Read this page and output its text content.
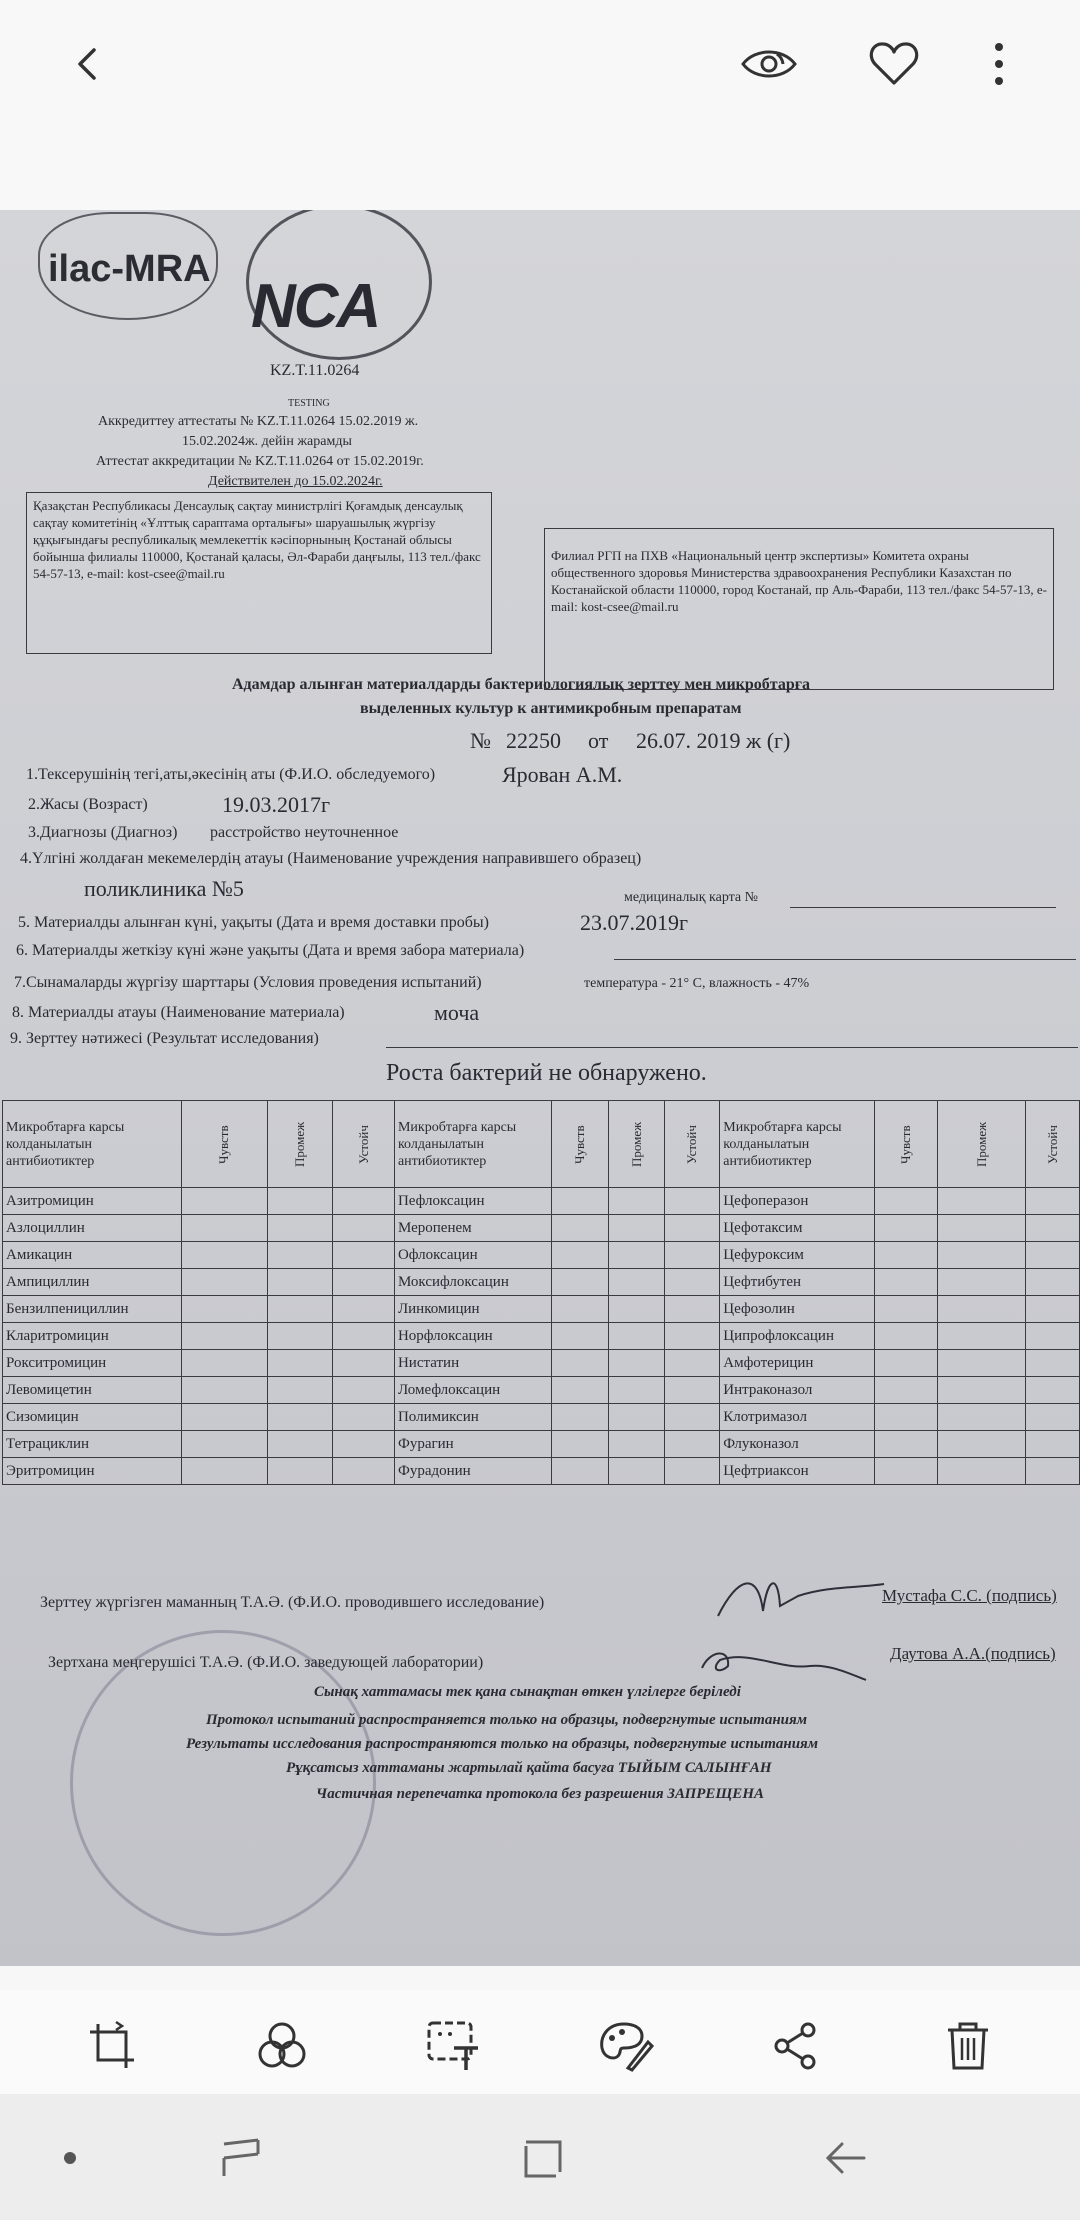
ilac-MRA
NCA
KZ.T.11.0264
TESTING
Аккредиттеу аттестаты № KZ.T.11.0264 15.02.2019 ж.
15.02.2024ж. дейін жарамды
Аттестат аккредитации № KZ.T.11.0264 от 15.02.2019г.
Действителен до 15.02.2024г.
Қазақстан Республикасы Денсаулық сақтау министрлігі Қоғамдық денсаулық сақтау комитетінің «Ұлттық сараптама орталығы» шаруашылық жүргізу құқығындағы республикалық мемлекеттік кәсіпорнының Қостанай облысы бойынша филиалы 110000, Қостанай қаласы, Әл-Фараби даңғылы, 113 тел./факс 54-57-13, e-mail: kost-csee@mail.ru
Филиал РГП на ПХВ «Национальный центр экспертизы» Комитета охраны общественного здоровья Министерства здравоохранения Республики Казахстан по Костанайской области 110000, город Костанай, пр Аль-Фараби, 113 тел./факс 54-57-13, e-mail: kost-csee@mail.ru
Адамдар алынған материалдарды бактериологиялық зерттеу мен микробтарға
выделенных культур к антимикробным препаратам
№ 22250 от 26.07. 2019 ж (г)
1.Тексерушінің тегі,аты,әкесінің аты (Ф.И.О. обследуемого)	Ярован А.М.
2.Жасы (Возраст)	19.03.2017г
3.Диагнозы (Диагноз) расстройство неуточненное
4.Үлгіні жолдаған мекемелердің атауы (Наименование учреждения направившего образец)
поликлиника №5	медициналық карта №
5. Материалды алынған күні, уақыты (Дата и время доставки пробы)	23.07.2019г
6. Материалды жеткізу күні және уақыты (Дата и время забора материала)
7.Сынамаларды жүргізу шарттары (Условия проведения испытаний)	температура - 21° С, влажность - 47%
8. Материалды атауы (Наименование материала)	моча
9. Зерттеу нәтижесі (Результат исследования)
Роста бактерий не обнаружено.
Микробтарға карсы колданылатын антибиотиктер	Чувств	Промеж	Устойч	Микробтарға карсы колданылатын антибиотиктер	Чувств	Промеж	Устойч	Микробтарға карсы колданылатын антибиотиктер	Чувств	Промеж	Устойч
Азитромицин				Пефлоксацин				Цефоперазон			
Азлоциллин				Меропенем				Цефотаксим			
Амикацин				Офлоксацин				Цефуроксим			
Ампициллин				Моксифлоксацин				Цефтибутен			
Бензилпенициллин				Линкомицин				Цефозолин			
Кларитромицин				Норфлоксацин				Ципрофлоксацин			
Рокситромицин				Нистатин				Амфотерицин			
Левомицетин				Ломефлоксацин				Интраконазол			
Сизомицин				Полимиксин				Клотримазол			
Тетрациклин				Фурагин				Флуконазол			
Эритромицин				Фурадонин				Цефтриаксон			
Зерттеу жүргізген маманның Т.А.Ә. (Ф.И.О. проводившего исследование)	Мустафа С.С. (подпись)
Зертхана меңгерушісі Т.А.Ә. (Ф.И.О. заведующей лаборатории)	Даутова А.А.(подпись)
Сынақ хаттамасы тек қана сынақтан өткен үлгілерге беріледі
Протокол испытаний распространяется только на образцы, подвергнутые испытаниям
Результаты исследования распространяются только на образцы, подвергнутые испытаниям
Рұқсатсыз хаттаманы жартылай қайта басуға ТЫЙЫМ САЛЫНҒАН
Частичная перепечатка протокола без разрешения ЗАПРЕЩЕНА
